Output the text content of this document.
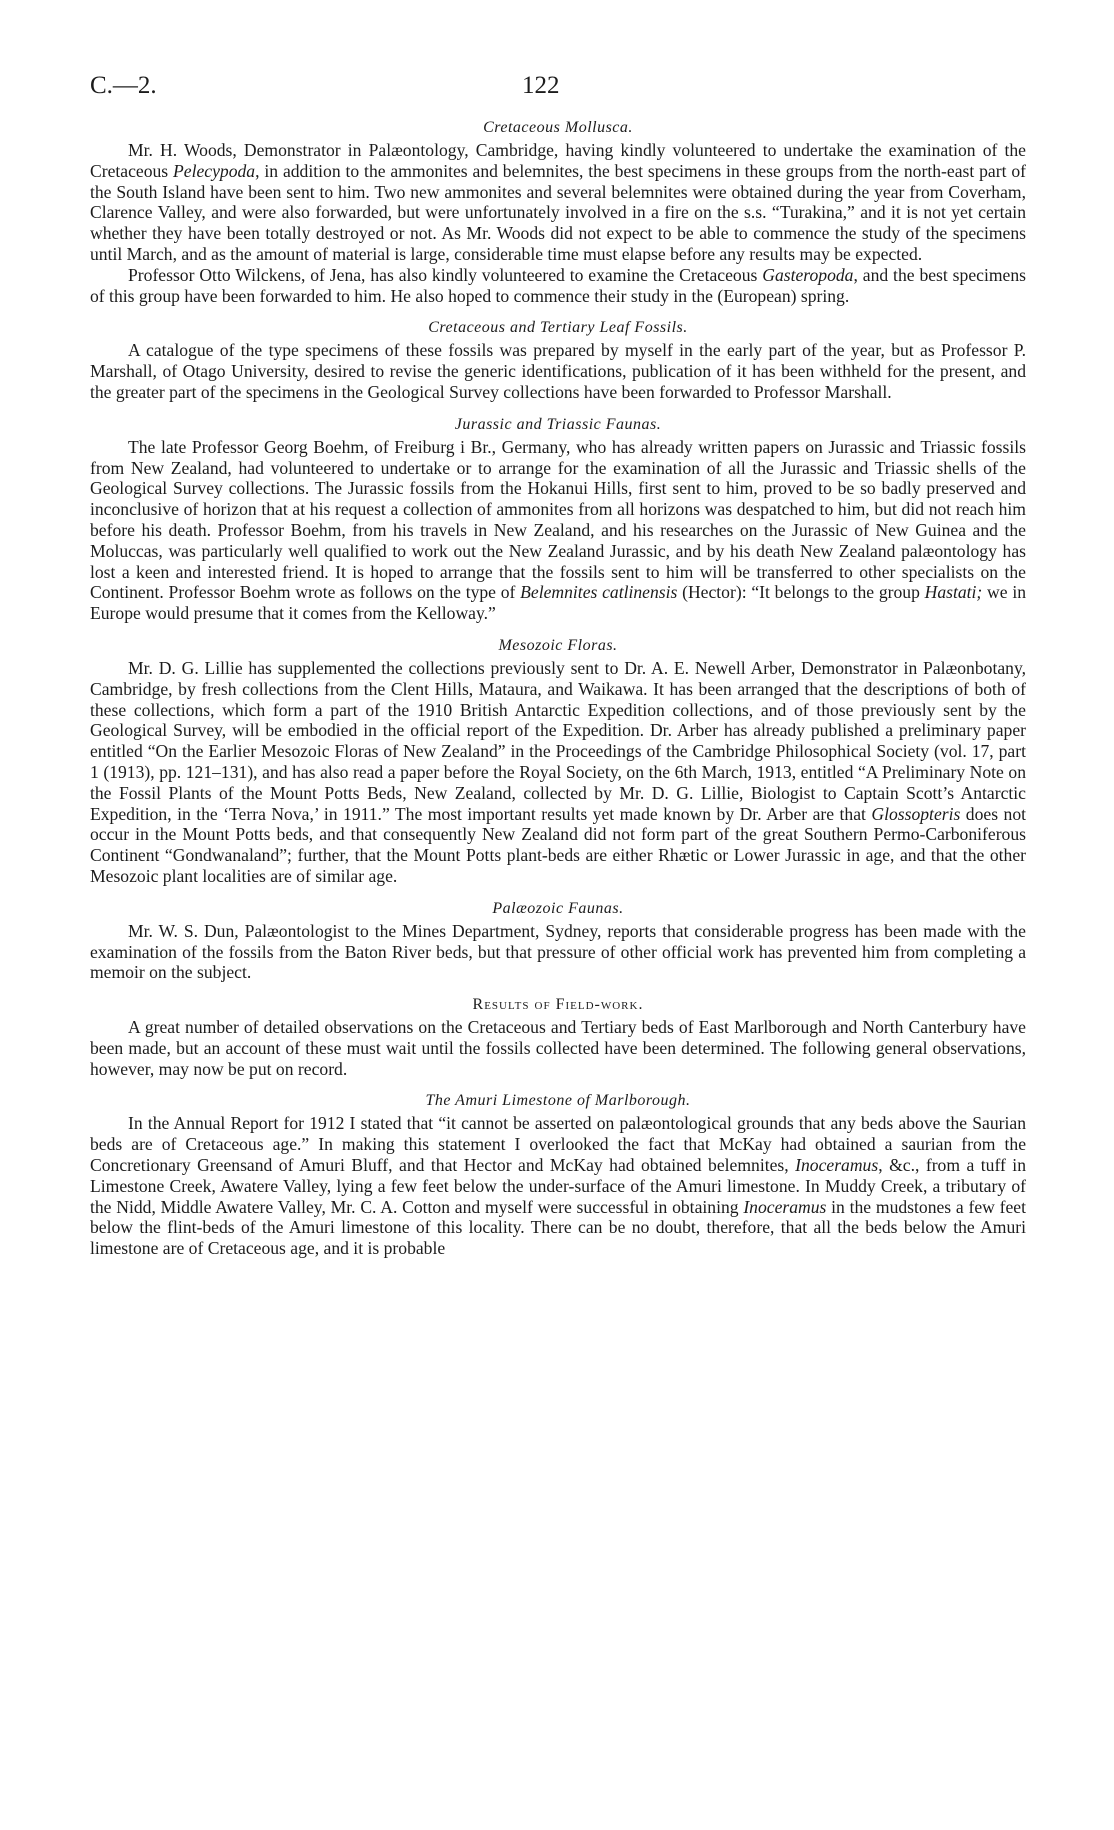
C.—2.	122
Cretaceous Mollusca.

Mr. H. Woods, Demonstrator in Palæontology, Cambridge, having kindly volunteered to undertake the examination of the Cretaceous Pelecypoda, in addition to the ammonites and belemnites, the best specimens in these groups from the north-east part of the South Island have been sent to him. Two new ammonites and several belemnites were obtained during the year from Coverham, Clarence Valley, and were also forwarded, but were unfortunately involved in a fire on the s.s. “Turakina,” and it is not yet certain whether they have been totally destroyed or not. As Mr. Woods did not expect to be able to commence the study of the specimens until March, and as the amount of material is large, considerable time must elapse before any results may be expected.

Professor Otto Wilckens, of Jena, has also kindly volunteered to examine the Cretaceous Gasteropoda, and the best specimens of this group have been forwarded to him. He also hoped to commence their study in the (European) spring.

Cretaceous and Tertiary Leaf Fossils.

A catalogue of the type specimens of these fossils was prepared by myself in the early part of the year, but as Professor P. Marshall, of Otago University, desired to revise the generic identifications, publication of it has been withheld for the present, and the greater part of the specimens in the Geological Survey collections have been forwarded to Professor Marshall.

Jurassic and Triassic Faunas.

The late Professor Georg Boehm, of Freiburg i Br., Germany, who has already written papers on Jurassic and Triassic fossils from New Zealand, had volunteered to undertake or to arrange for the examination of all the Jurassic and Triassic shells of the Geological Survey collections. The Jurassic fossils from the Hokanui Hills, first sent to him, proved to be so badly preserved and inconclusive of horizon that at his request a collection of ammonites from all horizons was despatched to him, but did not reach him before his death. Professor Boehm, from his travels in New Zealand, and his researches on the Jurassic of New Guinea and the Moluccas, was particularly well qualified to work out the New Zealand Jurassic, and by his death New Zealand palæontology has lost a keen and interested friend. It is hoped to arrange that the fossils sent to him will be transferred to other specialists on the Continent. Professor Boehm wrote as follows on the type of Belemnites catlinensis (Hector): “It belongs to the group Hastati; we in Europe would presume that it comes from the Kelloway.”

Mesozoic Floras.

Mr. D. G. Lillie has supplemented the collections previously sent to Dr. A. E. Newell Arber, Demonstrator in Palæonbotany, Cambridge, by fresh collections from the Clent Hills, Mataura, and Waikawa. It has been arranged that the descriptions of both of these collections, which form a part of the 1910 British Antarctic Expedition collections, and of those previously sent by the Geological Survey, will be embodied in the official report of the Expedition. Dr. Arber has already published a preliminary paper entitled “On the Earlier Mesozoic Floras of New Zealand” in the Proceedings of the Cambridge Philosophical Society (vol. 17, part 1 (1913), pp. 121–131), and has also read a paper before the Royal Society, on the 6th March, 1913, entitled “A Preliminary Note on the Fossil Plants of the Mount Potts Beds, New Zealand, collected by Mr. D. G. Lillie, Biologist to Captain Scott’s Antarctic Expedition, in the ‘Terra Nova,’ in 1911.” The most important results yet made known by Dr. Arber are that Glossopteris does not occur in the Mount Potts beds, and that consequently New Zealand did not form part of the great Southern Permo-Carboniferous Continent “Gondwanaland”; further, that the Mount Potts plant-beds are either Rhætic or Lower Jurassic in age, and that the other Mesozoic plant localities are of similar age.

Palæozoic Faunas.

Mr. W. S. Dun, Palæontologist to the Mines Department, Sydney, reports that considerable progress has been made with the examination of the fossils from the Baton River beds, but that pressure of other official work has prevented him from completing a memoir on the subject.

Results of Field-work.

A great number of detailed observations on the Cretaceous and Tertiary beds of East Marlborough and North Canterbury have been made, but an account of these must wait until the fossils collected have been determined. The following general observations, however, may now be put on record.

The Amuri Limestone of Marlborough.

In the Annual Report for 1912 I stated that “it cannot be asserted on palæontological grounds that any beds above the Saurian beds are of Cretaceous age.” In making this statement I overlooked the fact that McKay had obtained a saurian from the Concretionary Greensand of Amuri Bluff, and that Hector and McKay had obtained belemnites, Inoceramus, &c., from a tuff in Limestone Creek, Awatere Valley, lying a few feet below the under-surface of the Amuri limestone. In Muddy Creek, a tributary of the Nidd, Middle Awatere Valley, Mr. C. A. Cotton and myself were successful in obtaining Inoceramus in the mudstones a few feet below the flint-beds of the Amuri limestone of this locality. There can be no doubt, therefore, that all the beds below the Amuri limestone are of Cretaceous age, and it is probable
